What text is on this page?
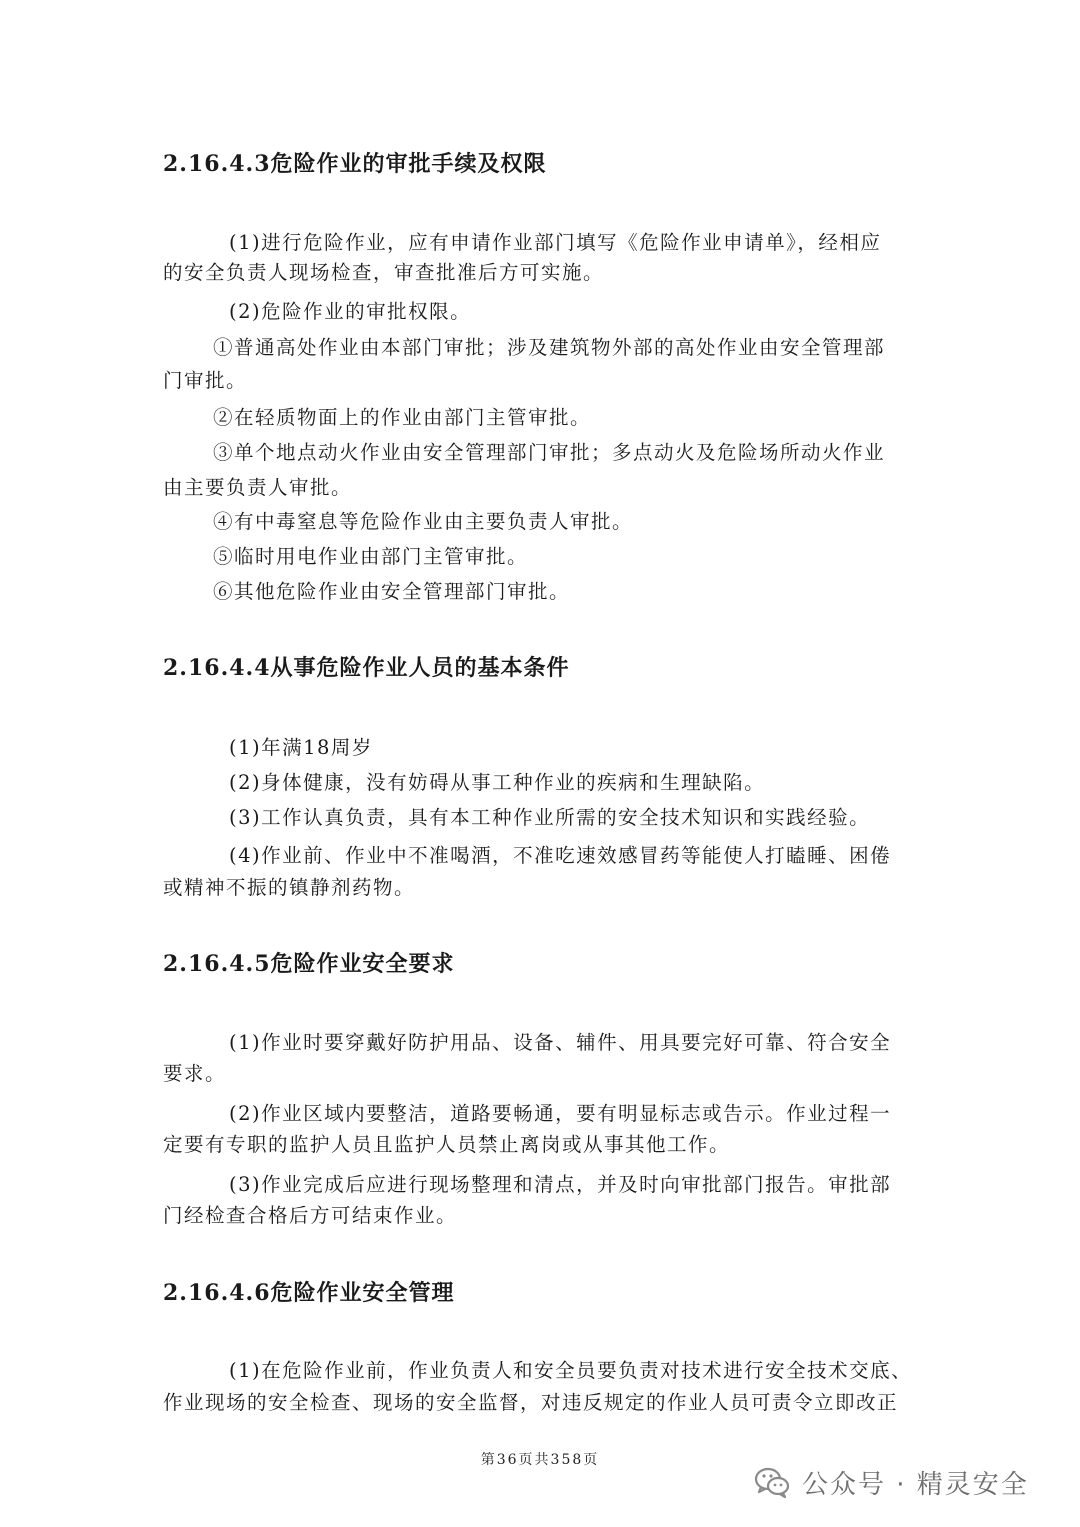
2.16.4.3危险作业的审批手续及权限
(1)进行危险作业，应有申请作业部门填写《危险作业申请单》，经相应
的安全负责人现场检查，审查批准后方可实施。
(2)危险作业的审批权限。
①普通高处作业由本部门审批；涉及建筑物外部的高处作业由安全管理部
门审批。
②在轻质物面上的作业由部门主管审批。
③单个地点动火作业由安全管理部门审批；多点动火及危险场所动火作业
由主要负责人审批。
④有中毒窒息等危险作业由主要负责人审批。
⑤临时用电作业由部门主管审批。
⑥其他危险作业由安全管理部门审批。
2.16.4.4从事危险作业人员的基本条件
(1)年满18周岁
(2)身体健康，没有妨碍从事工种作业的疾病和生理缺陷。
(3)工作认真负责，具有本工种作业所需的安全技术知识和实践经验。
(4)作业前、作业中不准喝酒，不准吃速效感冒药等能使人打瞌睡、困倦
或精神不振的镇静剂药物。
2.16.4.5危险作业安全要求
(1)作业时要穿戴好防护用品、设备、辅件、用具要完好可靠、符合安全
要求。
(2)作业区域内要整洁，道路要畅通，要有明显标志或告示。作业过程一
定要有专职的监护人员且监护人员禁止离岗或从事其他工作。
(3)作业完成后应进行现场整理和清点，并及时向审批部门报告。审批部
门经检查合格后方可结束作业。
2.16.4.6危险作业安全管理
(1)在危险作业前，作业负责人和安全员要负责对技术进行安全技术交底、
作业现场的安全检查、现场的安全监督，对违反规定的作业人员可责令立即改正
第36页共358页
公众号 · 精灵安全
